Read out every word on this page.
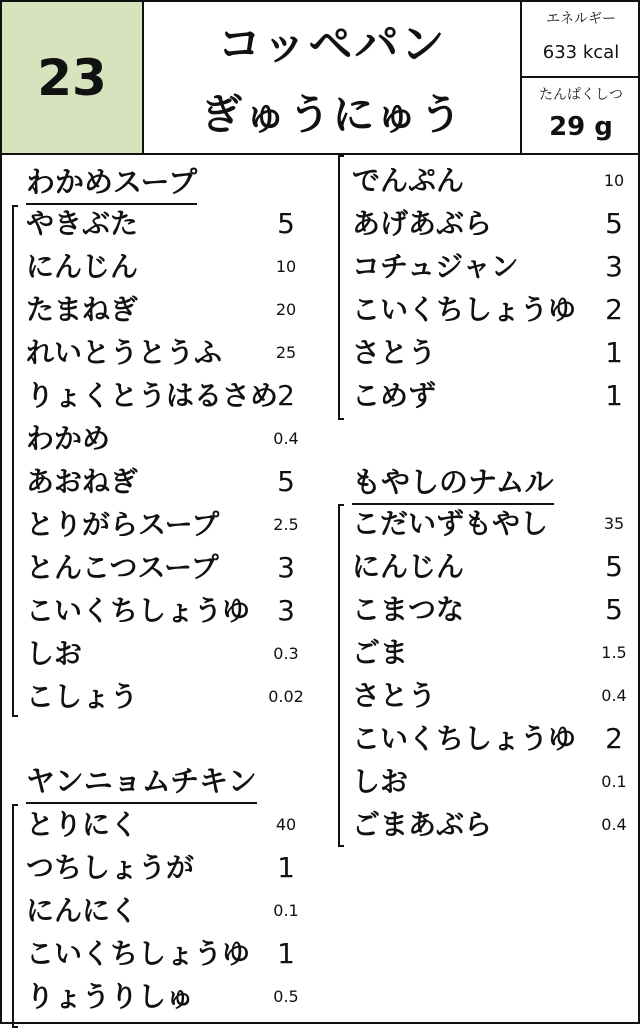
23
コッペパン
ぎゅうにゅう
エネルギー
633 kcal
たんぱくしつ
29 g
わかめスープ
ヤンニョムチキン
もやしのナムル
やきぶた	5
にんじん	10
たまねぎ	20
れいとうとうふ	25
りょくとうはるさめ 2
わかめ	0.4
あおねぎ	5
とりがらスープ	2.5
とんこつスープ	3
こいくちしょうゆ 3
しお	0.3
こしょう	0.02
とりにく	40
つちしょうが	1
にんにく	0.1
こいくちしょうゆ 1
りょうりしゅ	0.5
でんぷん	10
あげあぶら	5
コチュジャン	3
こいくちしょうゆ	2
さとう	1
こめず	1
こだいずもやし	35
にんじん	5
こまつな	5
ごま	1.5
さとう	0.4
こいくちしょうゆ	2
しお	0.1
ごまあぶら	0.4
